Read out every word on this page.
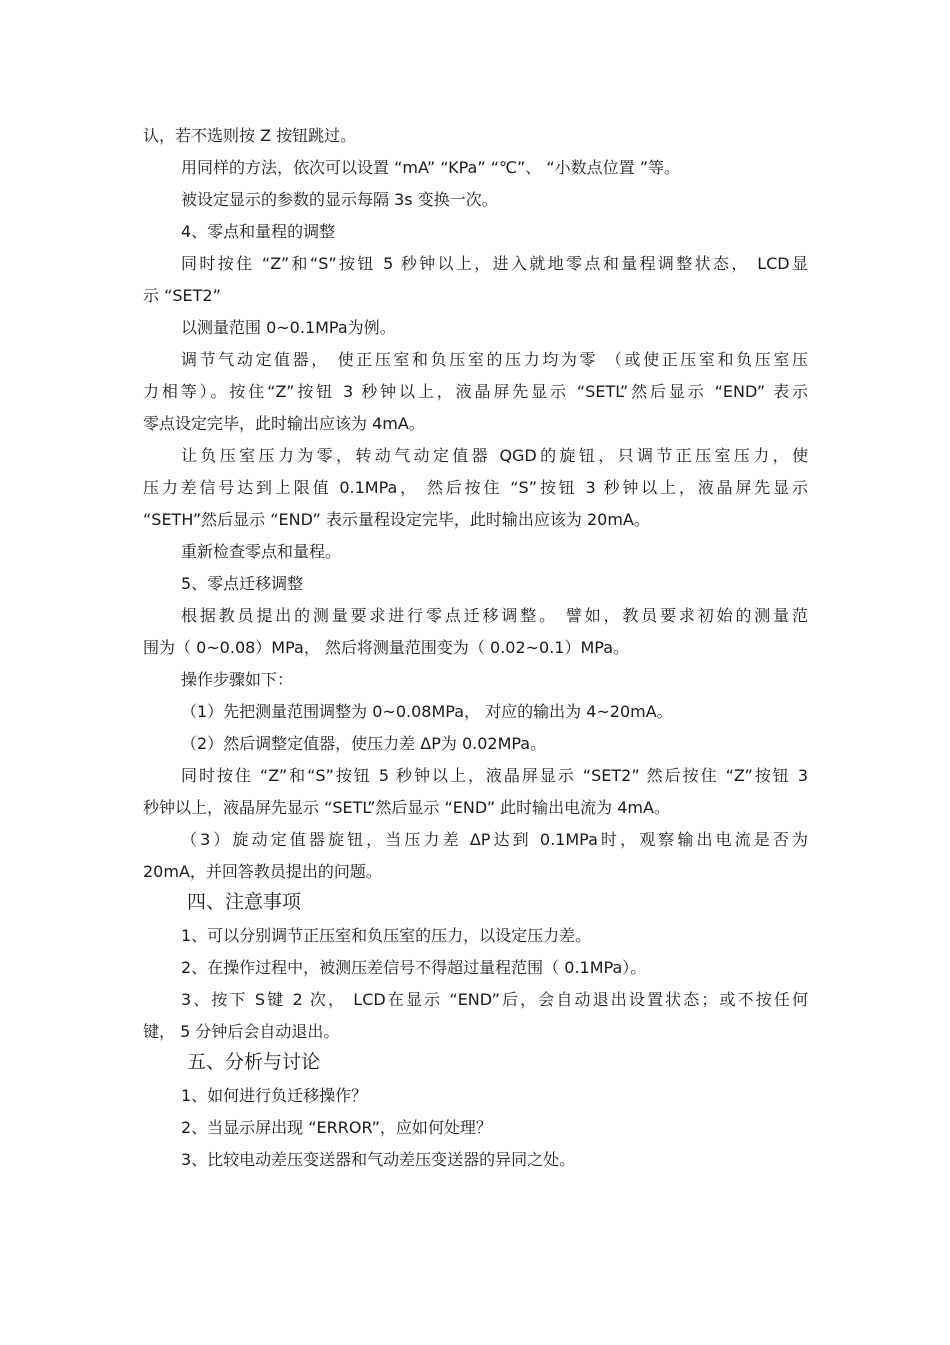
认，若不选则按 Z 按钮跳过。
用同样的方法，依次可以设置 “mA” “KPa” “℃”、 “小数点位置 ”等。
被设定显示的参数的显示每隔 3s 变换一次。
4、零点和量程的调整
同时按住 “Z”和“S”按钮 5 秒钟以上，进入就地零点和量程调整状态， LCD显
示 “SET2”
以测量范围 0~0.1MPa为例。
调节气动定值器， 使正压室和负压室的压力均为零 （或使正压室和负压室压
力相等）。按住“Z”按钮 3 秒钟以上，液晶屏先显示 “SETL”然后显示 “END” 表示
零点设定完毕，此时输出应该为 4mA。
让负压室压力为零，转动气动定值器 QGD的旋钮，只调节正压室压力，使
压力差信号达到上限值 0.1MPa， 然后按住 “S”按钮 3 秒钟以上，液晶屏先显示
“SETH”然后显示 “END” 表示量程设定完毕，此时输出应该为 20mA。
重新检查零点和量程。
5、零点迁移调整
根据教员提出的测量要求进行零点迁移调整。 譬如，教员要求初始的测量范
围为（ 0~0.08）MPa， 然后将测量范围变为（ 0.02~0.1）MPa。
操作步骤如下：
（1）先把测量范围调整为 0~0.08MPa， 对应的输出为 4~20mA。
（2）然后调整定值器，使压力差 ΔP为 0.02MPa。
同时按住 “Z”和“S”按钮 5 秒钟以上，液晶屏显示 “SET2” 然后按住 “Z”按钮 3
秒钟以上，液晶屏先显示 “SETL”然后显示 “END” 此时输出电流为 4mA。
（3）旋动定值器旋钮，当压力差 ΔP达到 0.1MPa时，观察输出电流是否为
20mA，并回答教员提出的问题。
四、注意事项
1、可以分别调节正压室和负压室的压力，以设定压力差。
2、在操作过程中，被测压差信号不得超过量程范围（ 0.1MPa）。
3、按下 S键 2 次， LCD在显示 “END”后，会自动退出设置状态；或不按任何
键， 5 分钟后会自动退出。
五、分析与讨论
1、如何进行负迁移操作？
2、当显示屏出现 “ERROR”，应如何处理？
3、比较电动差压变送器和气动差压变送器的异同之处。
